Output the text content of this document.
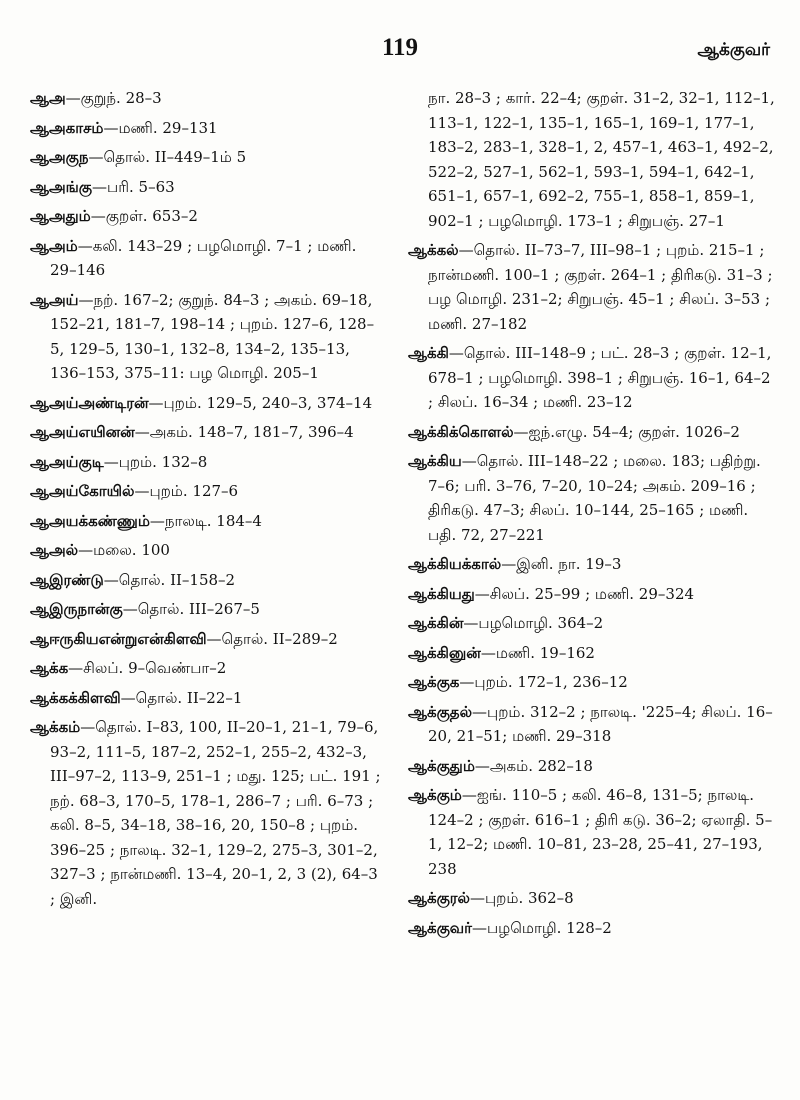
119	ஆக்குவர்
ஆஅ—குறுந். 28–3
ஆஅகாசம்—மணி. 29–131
ஆஅகுந—தொல். II–449–1ம் 5
ஆஅங்கு—பரி. 5–63
ஆஅதும்—குறள். 653–2
ஆஅம்—கலி. 143–29 ; பழமொழி. 7–1 ; மணி. 29–146
ஆஅய்—நற். 167–2; குறுந். 84–3 ; அகம். 69–18, 152–21, 181–7, 198–14 ; புறம். 127–6, 128–5, 129–5, 130–1, 132–8, 134–2, 135–13, 136–153, 375–11: பழ மொழி. 205–1
ஆஅய்அண்டிரன்—புறம். 129–5, 240–3, 374–14
ஆஅய்எயினன்—அகம். 148–7, 181–7, 396–4
ஆஅய்குடி—புறம். 132–8
ஆஅய்கோயில்—புறம். 127–6
ஆஅயக்கண்ணும்—நாலடி. 184–4
ஆஅல்—மலை. 100
ஆஇரண்டு—தொல். II–158–2
ஆஇருநான்கு—தொல். III–267–5
ஆஈருகியஎன்றுஎன்கிளவி—தொல். II–289–2
ஆக்க—சிலப். 9–வெண்பா–2
ஆக்கக்கிளவி—தொல். II–22–1
ஆக்கம்—தொல். I–83, 100, II–20–1, 21–1, 79–6, 93–2, 111–5, 187–2, 252–1, 255–2, 432–3, III–97–2, 113–9, 251–1 ; மது. 125; பட். 191 ; நற். 68–3, 170–5, 178–1, 286–7 ; பரி. 6–73 ; கலி. 8–5, 34–18, 38–16, 20, 150–8 ; புறம். 396–25 ; நாலடி. 32–1, 129–2, 275–3, 301–2, 327–3 ; நான்மணி. 13–4, 20–1, 2, 3 (2), 64–3 ; இனி.
நா. 28–3 ; கார். 22–4; குறள். 31–2, 32–1, 112–1, 113–1, 122–1, 135–1, 165–1, 169–1, 177–1, 183–2, 283–1, 328–1, 2, 457–1, 463–1, 492–2, 522–2, 527–1, 562–1, 593–1, 594–1, 642–1, 651–1, 657–1, 692–2, 755–1, 858–1, 859–1, 902–1 ; பழமொழி. 173–1 ; சிறுபஞ். 27–1
ஆக்கல்—தொல். II–73–7, III–98–1 ; புறம். 215–1 ; நான்மணி. 100–1 ; குறள். 264–1 ; திரிகடு. 31–3 ; பழ மொழி. 231–2; சிறுபஞ். 45–1 ; சிலப். 3–53 ; மணி. 27–182
ஆக்கி—தொல். III–148–9 ; பட். 28–3 ; குறள். 12–1, 678–1 ; பழமொழி. 398–1 ; சிறுபஞ். 16–1, 64–2 ; சிலப். 16–34 ; மணி. 23–12
ஆக்கிக்கொளல்—ஐந்.எழு. 54–4; குறள். 1026–2
ஆக்கிய—தொல். III–148–22 ; மலை. 183; பதிற்று. 7–6; பரி. 3–76, 7–20, 10–24; அகம். 209–16 ; திரிகடு. 47–3; சிலப். 10–144, 25–165 ; மணி. பதி. 72, 27–221
ஆக்கியக்கால்—இனி. நா. 19–3
ஆக்கியது—சிலப். 25–99 ; மணி. 29–324
ஆக்கின்—பழமொழி. 364–2
ஆக்கினுன்—மணி. 19–162
ஆக்குக—புறம். 172–1, 236–12
ஆக்குதல்—புறம். 312–2 ; நாலடி. '225–4; சிலப். 16–20, 21–51; மணி. 29–318
ஆக்குதும்—அகம். 282–18
ஆக்கும்—ஐங். 110–5 ; கலி. 46–8, 131–5; நாலடி. 124–2 ; குறள். 616–1 ; திரி கடு. 36–2; ஏலாதி. 5–1, 12–2; மணி. 10–81, 23–28, 25–41, 27–193, 238
ஆக்குரல்—புறம். 362–8
ஆக்குவர்—பழமொழி. 128–2
